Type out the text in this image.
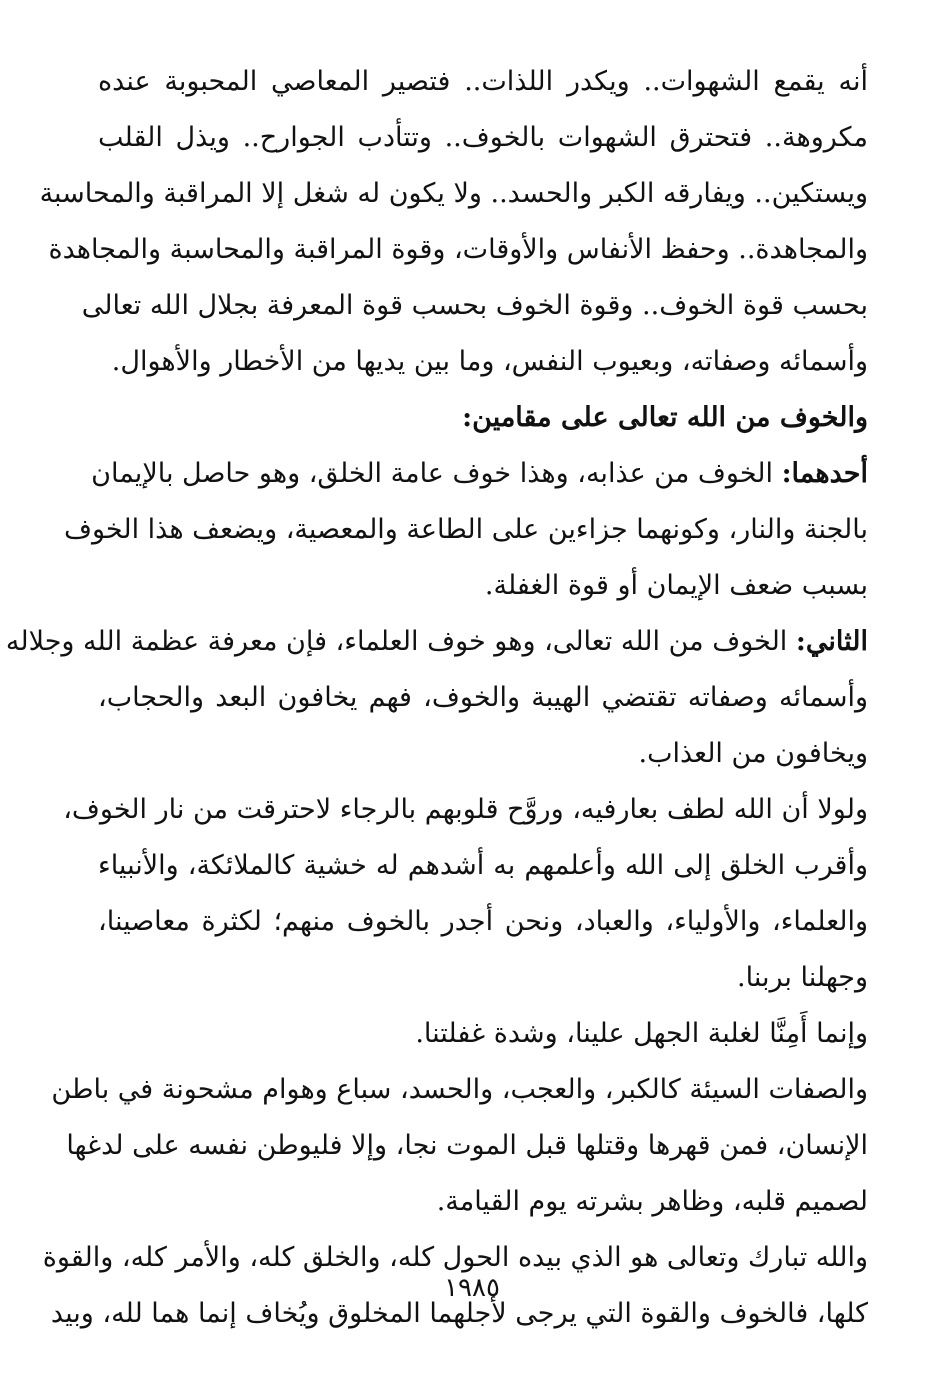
أنه يقمع الشهوات.. ويكدر اللذات.. فتصير المعاصي المحبوبة عنده
مكروهة.. فتحترق الشهوات بالخوف.. وتتأدب الجوارح.. ويذل القلب
ويستكين.. ويفارقه الكبر والحسد.. ولا يكون له شغل إلا المراقبة والمحاسبة
والمجاهدة.. وحفظ الأنفاس والأوقات، وقوة المراقبة والمحاسبة والمجاهدة
بحسب قوة الخوف.. وقوة الخوف بحسب قوة المعرفة بجلال الله تعالى
وأسمائه وصفاته، وبعيوب النفس، وما بين يديها من الأخطار والأهوال.
والخوف من الله تعالى على مقامين:
أحدهما: الخوف من عذابه، وهذا خوف عامة الخلق، وهو حاصل بالإيمان
بالجنة والنار، وكونهما جزاءين على الطاعة والمعصية، ويضعف هذا الخوف
بسبب ضعف الإيمان أو قوة الغفلة.
الثاني: الخوف من الله تعالى، وهو خوف العلماء، فإن معرفة عظمة الله وجلاله
وأسمائه وصفاته تقتضي الهيبة والخوف، فهم يخافون البعد والحجاب،
ويخافون من العذاب.
ولولا أن الله لطف بعارفيه، وروَّح قلوبهم بالرجاء لاحترقت من نار الخوف،
وأقرب الخلق إلى الله وأعلمهم به أشدهم له خشية كالملائكة، والأنبياء
والعلماء، والأولياء، والعباد، ونحن أجدر بالخوف منهم؛ لكثرة معاصينا،
وجهلنا بربنا.
وإنما أَمِنَّا لغلبة الجهل علينا، وشدة غفلتنا.
والصفات السيئة كالكبر، والعجب، والحسد، سباع وهوام مشحونة في باطن
الإنسان، فمن قهرها وقتلها قبل الموت نجا، وإلا فليوطن نفسه على لدغها
لصميم قلبه، وظاهر بشرته يوم القيامة.
والله تبارك وتعالى هو الذي بيده الحول كله، والخلق كله، والأمر كله، والقوة
كلها، فالخوف والقوة التي يرجى لأجلهما المخلوق ويُخاف إنما هما لله، وبيد
١٩٨٥
